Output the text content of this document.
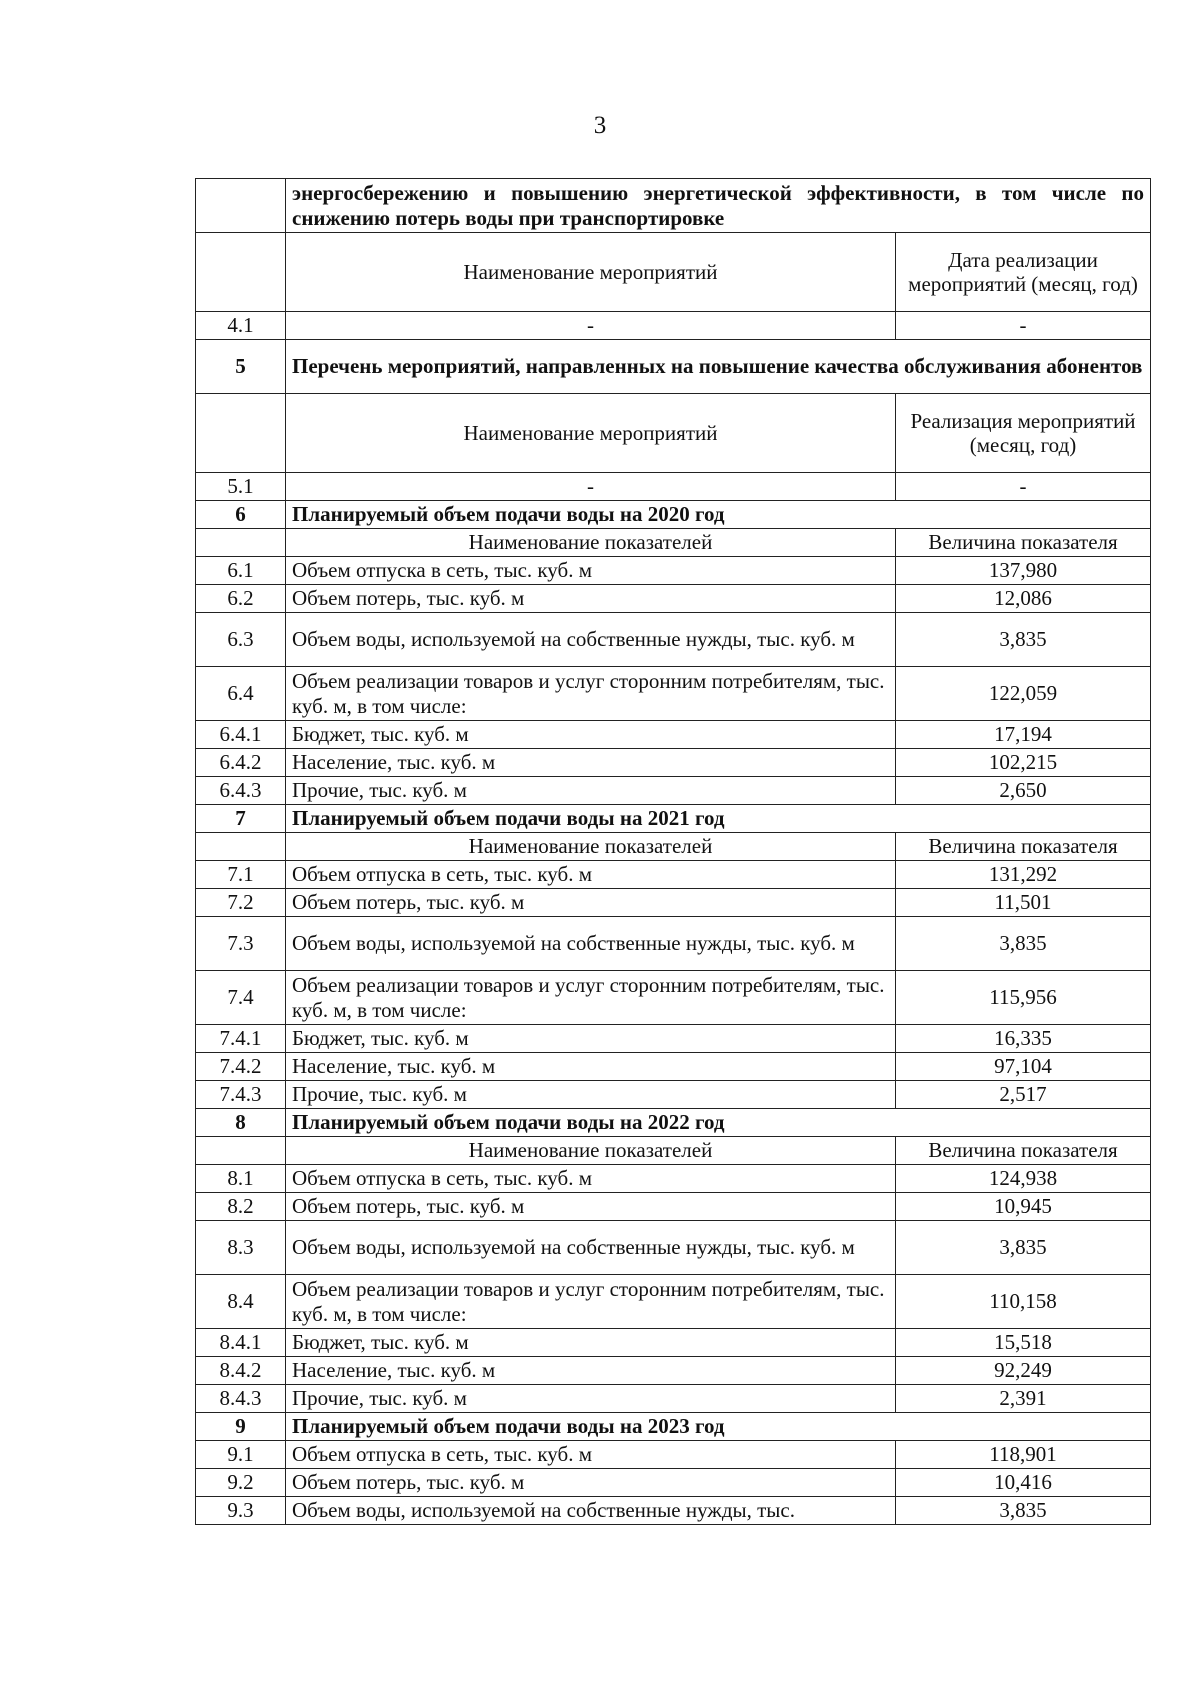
3
	энергосбережению и повышению энергетической эффективности, в том числе по снижению потерь воды при транспортировке	
	Наименование мероприятий	Дата реализации мероприятий (месяц, год)
4.1	-	-
5	Перечень мероприятий, направленных на повышение качества обслуживания абонентов	
	Наименование мероприятий	Реализация мероприятий (месяц, год)
5.1	-	-
6	Планируемый объем подачи воды на 2020 год	
	Наименование показателей	Величина показателя
6.1	Объем отпуска в сеть, тыс. куб. м	137,980
6.2	Объем потерь, тыс. куб. м	12,086
6.3	Объем воды, используемой на собственные нужды, тыс. куб. м	3,835
6.4	Объем реализации товаров и услуг сторонним потребителям, тыс. куб. м, в том числе:	122,059
6.4.1	Бюджет, тыс. куб. м	17,194
6.4.2	Население, тыс. куб. м	102,215
6.4.3	Прочие, тыс. куб. м	2,650
7	Планируемый объем подачи воды на 2021 год	
	Наименование показателей	Величина показателя
7.1	Объем отпуска в сеть, тыс. куб. м	131,292
7.2	Объем потерь, тыс. куб. м	11,501
7.3	Объем воды, используемой на собственные нужды, тыс. куб. м	3,835
7.4	Объем реализации товаров и услуг сторонним потребителям, тыс. куб. м, в том числе:	115,956
7.4.1	Бюджет, тыс. куб. м	16,335
7.4.2	Население, тыс. куб. м	97,104
7.4.3	Прочие, тыс. куб. м	2,517
8	Планируемый объем подачи воды на 2022 год	
	Наименование показателей	Величина показателя
8.1	Объем отпуска в сеть, тыс. куб. м	124,938
8.2	Объем потерь, тыс. куб. м	10,945
8.3	Объем воды, используемой на собственные нужды, тыс. куб. м	3,835
8.4	Объем реализации товаров и услуг сторонним потребителям, тыс. куб. м, в том числе:	110,158
8.4.1	Бюджет, тыс. куб. м	15,518
8.4.2	Население, тыс. куб. м	92,249
8.4.3	Прочие, тыс. куб. м	2,391
9	Планируемый объем подачи воды на 2023 год	
9.1	Объем отпуска в сеть, тыс. куб. м	118,901
9.2	Объем потерь, тыс. куб. м	10,416
9.3	Объем воды, используемой на собственные нужды, тыс.	3,835
